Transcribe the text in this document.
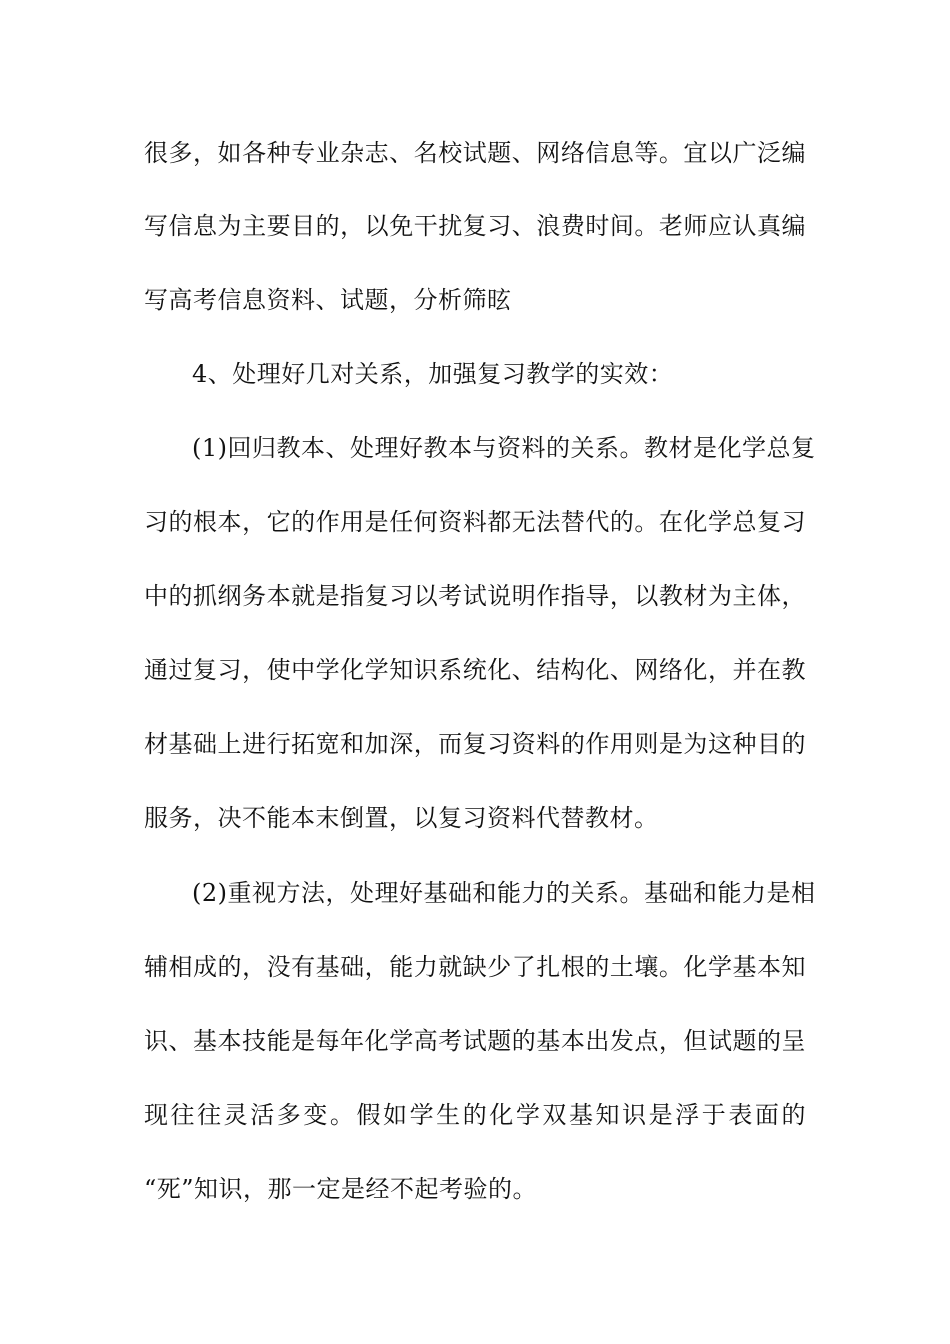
很多，如各种专业杂志、名校试题、网络信息等。宜以广泛编
写信息为主要目的，以免干扰复习、浪费时间。老师应认真编
写高考信息资料、试题，分析筛昡
4、处理好几对关系，加强复习教学的实效：
(1)回归教本、处理好教本与资料的关系。教材是化学总复
习的根本，它的作用是任何资料都无法替代的。在化学总复习
中的抓纲务本就是指复习以考试说明作指导，以教材为主体，
通过复习，使中学化学知识系统化、结构化、网络化，并在教
材基础上进行拓宽和加深，而复习资料的作用则是为这种目的
服务，决不能本末倒置，以复习资料代替教材。
(2)重视方法，处理好基础和能力的关系。基础和能力是相
辅相成的，没有基础，能力就缺少了扎根的土壤。化学基本知
识、基本技能是每年化学高考试题的基本出发点，但试题的呈
现往往灵活多变。假如学生的化学双基知识是浮于表面的
“死”知识，那一定是经不起考验的。
